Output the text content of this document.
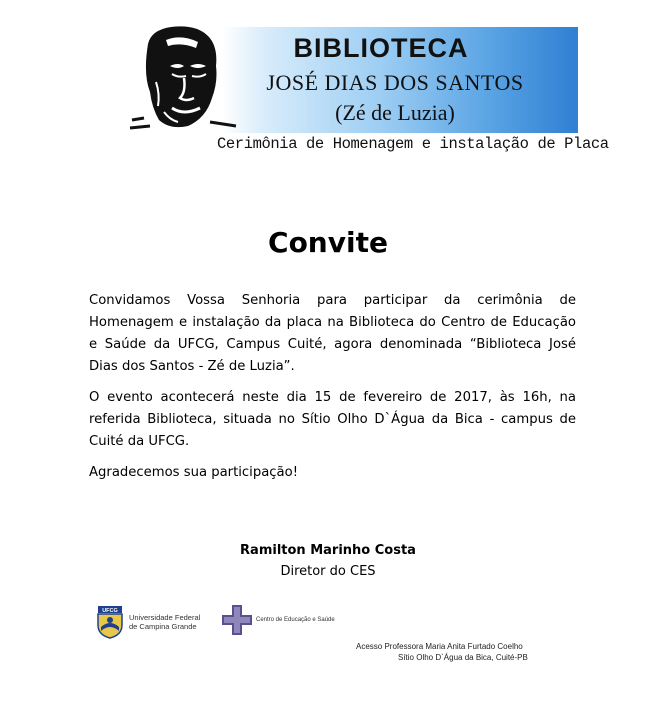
BIBLIOTECA
JOSÉ DIAS DOS SANTOS
(Zé de Luzia)
Cerimônia de Homenagem e instalação de Placa
Convite

Convidamos Vossa Senhoria para participar da cerimônia de Homenagem e instalação da placa na Biblioteca do Centro de Educação e Saúde da UFCG, Campus Cuité, agora denominada “Biblioteca José Dias dos Santos - Zé de Luzia”.

O evento acontecerá neste dia 15 de fevereiro de 2017, às 16h, na referida Biblioteca, situada no Sítio Olho D`Água da Bica - campus de Cuité da UFCG.

Agradecemos sua participação!

Ramilton Marinho Costa
Diretor do CES
UFCG
Universidade Federal
de Campina Grande
Centro de Educação e Saúde
Acesso Professora Maria Anita Furtado Coelho
Sítio Olho D`Água da Bica, Cuité-PB
